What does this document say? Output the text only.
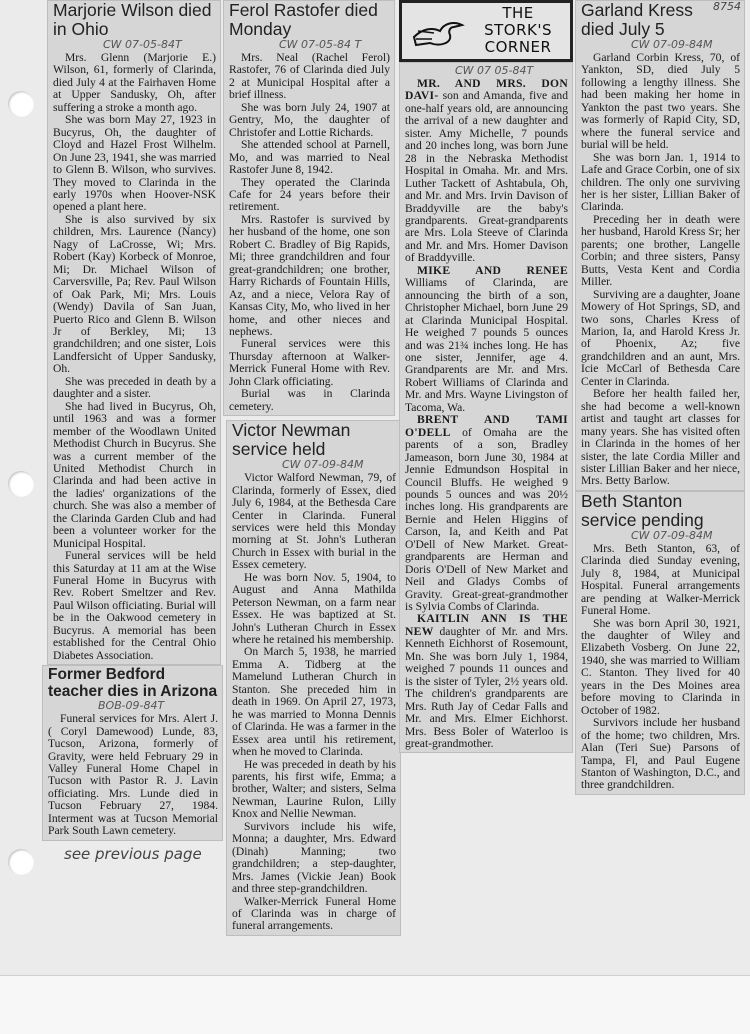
Marjorie Wilson died in Ohio
CW 07-05-84T

Mrs. Glenn (Marjorie E.) Wilson, 61, formerly of Clarinda, died July 4 at the Fairhaven Home at Upper Sandusky, Oh, after suffering a stroke a month ago.

She was born May 27, 1923 in Bucyrus, Oh, the daughter of Cloyd and Hazel Frost Wilhelm. On June 23, 1941, she was married to Glenn B. Wilson, who survives. They moved to Clarinda in the early 1970s when Hoover-NSK opened a plant here.

She is also survived by six children, Mrs. Laurence (Nancy) Nagy of LaCrosse, Wi; Mrs. Robert (Kay) Korbeck of Monroe, Mi; Dr. Michael Wilson of Carversville, Pa; Rev. Paul Wilson of Oak Park, Mi; Mrs. Louis (Wendy) Davila of San Juan, Puerto Rico and Glenn B. Wilson Jr of Berkley, Mi; 13 grandchildren; and one sister, Lois Landfersicht of Upper Sandusky, Oh.

She was preceded in death by a daughter and a sister.

She had lived in Bucyrus, Oh, until 1963 and was a former member of the Woodlawn United Methodist Church in Bucyrus. She was a current member of the United Methodist Church in Clarinda and had been active in the ladies' organizations of the church. She was also a member of the Clarinda Garden Club and had been a volunteer worker for the Municipal Hospital.

Funeral services will be held this Saturday at 11 am at the Wise Funeral Home in Bucyrus with Rev. Robert Smeltzer and Rev. Paul Wilson officiating. Burial will be in the Oakwood cemetery in Bucyrus. A memorial has been established for the Central Ohio Diabetes Association.

Former Bedford teacher dies in Arizona
BOB-09-84T

Funeral services for Mrs. Alert J. ( Coryl Damewood) Lunde, 83, Tucson, Arizona, formerly of Gravity, were held February 29 in Valley Funeral Home Chapel in Tucson with Pastor R. J. Lavin officiating. Mrs. Lunde died in Tucson February 27, 1984. Interment was at Tucson Memorial Park South Lawn cemetery.

see previous page
Ferol Rastofer died Monday
CW 07-05-84 T

Mrs. Neal (Rachel Ferol) Rastofer, 76 of Clarinda died July 2 at Municipal Hospital after a brief illness.

She was born July 24, 1907 at Gentry, Mo, the daughter of Christofer and Lottie Richards.

She attended school at Parnell, Mo, and was married to Neal Rastofer June 8, 1942.

They operated the Clarinda Cafe for 24 years before their retirement.

Mrs. Rastofer is survived by her husband of the home, one son Robert C. Bradley of Big Rapids, Mi; three grandchildren and four great-grandchildren; one brother, Harry Richards of Fountain Hills, Az, and a niece, Velora Ray of Kansas City, Mo, who lived in her home, and other nieces and nephews.

Funeral services were this Thursday afternoon at Walker-Merrick Funeral Home with Rev. John Clark officiating.

Burial was in Clarinda cemetery.

Victor Newman service held
CW 07-09-84M

Victor Walford Newman, 79, of Clarinda, formerly of Essex, died July 6, 1984, at the Bethesda Care Center in Clarinda. Funeral services were held this Monday morning at St. John's Lutheran Church in Essex with burial in the Essex cemetery.

He was born Nov. 5, 1904, to August and Anna Mathilda Peterson Newman, on a farm near Essex. He was baptized at St. John's Lutheran Church in Essex where he retained his membership.

On March 5, 1938, he married Emma A. Tidberg at the Mamelund Lutheran Church in Stanton. She preceded him in death in 1969. On April 27, 1973, he was married to Monna Dennis of Clarinda. He was a farmer in the Essex area until his retirement, when he moved to Clarinda.

He was preceded in death by his parents, his first wife, Emma; a brother, Walter; and sisters, Selma Newman, Laurine Rulon, Lilly Knox and Nellie Newman.

Survivors include his wife, Monna; a daughter, Mrs. Edward (Dinah) Manning; two grandchildren; a step-daughter, Mrs. James (Vickie Jean) Book and three step-grandchildren.

Walker-Merrick Funeral Home of Clarinda was in charge of funeral arrangements.

THE
STORK'S
CORNER
CW 07 05-84T

MR. AND MRS. DON DAVI- son and Amanda, five and one-half years old, are announcing the arrival of a new daughter and sister. Amy Michelle, 7 pounds and 20 inches long, was born June 28 in the Nebraska Methodist Hospital in Omaha. Mr. and Mrs. Luther Tackett of Ashtabula, Oh, and Mr. and Mrs. Irvin Davison of Braddyville are the baby's grandparents. Great-grandparents are Mrs. Lola Steeve of Clarinda and Mr. and Mrs. Homer Davison of Braddyville.

MIKE AND RENEE Williams of Clarinda, are announcing the birth of a son, Christopher Michael, born June 29 at Clarinda Municipal Hospital. He weighed 7 pounds 5 ounces and was 21¾ inches long. He has one sister, Jennifer, age 4. Grandparents are Mr. and Mrs. Robert Williams of Clarinda and Mr. and Mrs. Wayne Livingston of Tacoma, Wa.

BRENT AND TAMI O'DELL of Omaha are the parents of a son, Bradley Jameason, born June 30, 1984 at Jennie Edmundson Hospital in Council Bluffs. He weighed 9 pounds 5 ounces and was 20½ inches long. His grandparents are Bernie and Helen Higgins of Carson, Ia, and Keith and Pat O'Dell of New Market. Great-grandparents are Herman and Doris O'Dell of New Market and Neil and Gladys Combs of Gravity. Great-great-grandmother is Sylvia Combs of Clarinda.

KAITLIN ANN IS THE NEW daughter of Mr. and Mrs. Kenneth Eichhorst of Rosemount, Mn. She was born July 1, 1984, weighed 7 pounds 11 ounces and is the sister of Tyler, 2½ years old. The children's grandparents are Mrs. Ruth Jay of Cedar Falls and Mr. and Mrs. Elmer Eichhorst. Mrs. Bess Boler of Waterloo is great-grandmother.

Garland Kress died July 5
CW 07-09-84M

Garland Corbin Kress, 70, of Yankton, SD, died July 5 following a lengthy illness. She had been making her home in Yankton the past two years. She was formerly of Rapid City, SD, where the funeral service and burial will be held.

She was born Jan. 1, 1914 to Lafe and Grace Corbin, one of six children. The only one surviving her is her sister, Lillian Baker of Clarinda.

Preceding her in death were her husband, Harold Kress Sr; her parents; one brother, Langelle Corbin; and three sisters, Pansy Butts, Vesta Kent and Cordia Miller.

Surviving are a daughter, Joane Mowery of Hot Springs, SD, and two sons, Charles Kress of Marion, Ia, and Harold Kress Jr. of Phoenix, Az; five grandchildren and an aunt, Mrs. Icie McCarl of Bethesda Care Center in Clarinda.

Before her health failed her, she had become a well-known artist and taught art classes for many years. She has visited often in Clarinda in the homes of her sister, the late Cordia Miller and sister Lillian Baker and her niece, Mrs. Betty Barlow.

8754
Beth Stanton service pending
CW 07-09-84M

Mrs. Beth Stanton, 63, of Clarinda died Sunday evening, July 8, 1984, at Municipal Hospital. Funeral arrangements are pending at Walker-Merrick Funeral Home.

She was born April 30, 1921, the daughter of Wiley and Elizabeth Vosberg. On June 22, 1940, she was married to William C. Stanton. They lived for 40 years in the Des Moines area before moving to Clarinda in October of 1982.

Survivors include her husband of the home; two children, Mrs. Alan (Teri Sue) Parsons of Tampa, Fl, and Paul Eugene Stanton of Washington, D.C., and three grandchildren.
